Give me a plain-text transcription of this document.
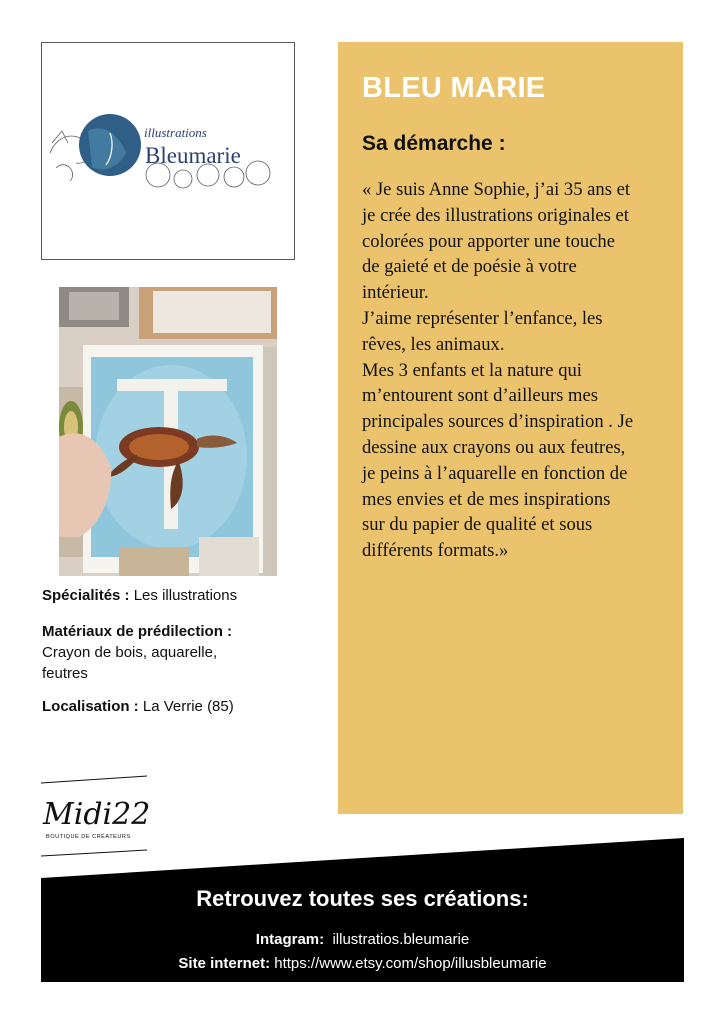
illustrations
Bleumarie
Spécialités : Les illustrations
Matériaux de prédilection :
Crayon de bois, aquarelle, feutres
Localisation : La Verrie (85)
Midi22
BOUTIQUE DE CRÉATEURS
BLEU MARIE
Sa démarche :
« Je suis Anne Sophie, j’ai 35 ans et
je crée des illustrations originales et
colorées pour apporter une touche
de gaieté et de poésie à votre
intérieur.
J’aime représenter l’enfance, les
rêves, les animaux.
Mes 3 enfants et la nature qui
m’entourent sont d’ailleurs mes
principales sources d’inspiration . Je
dessine aux crayons ou aux feutres,
je peins à l’aquarelle en fonction de
mes envies et de mes inspirations
sur du papier de qualité et sous
différents formats.»
Retrouvez toutes ses créations:
Intagram: illustratios.bleumarie
Site internet: https://www.etsy.com/shop/illusbleumarie
